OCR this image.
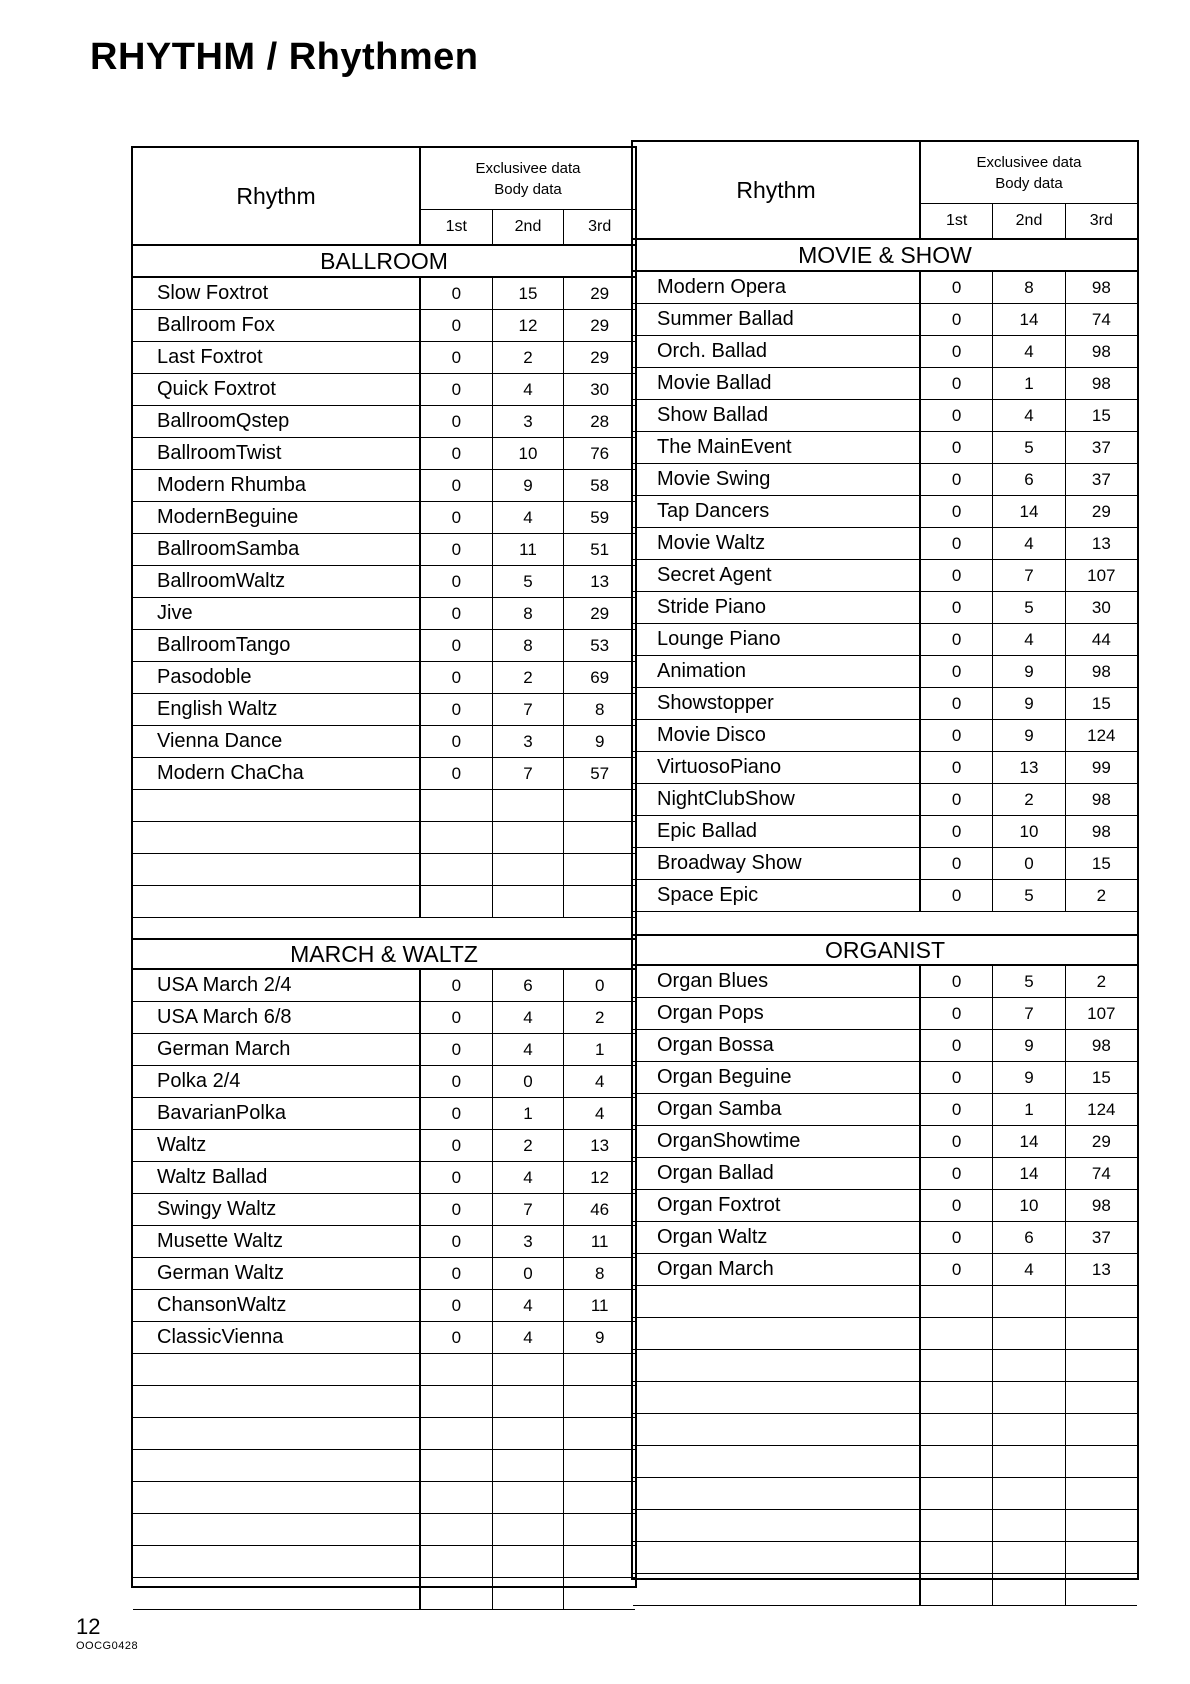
RHYTHM / Rhythmen
Rhythm
Exclusivee data
Body data
1st	2nd	3rd
BALLROOM
Slow Foxtrot	0	15	29
Ballroom Fox	0	12	29
Last Foxtrot	0	2	29
Quick Foxtrot	0	4	30
BallroomQstep	0	3	28
BallroomTwist	0	10	76
Modern Rhumba	0	9	58
ModernBeguine	0	4	59
BallroomSamba	0	11	51
BallroomWaltz	0	5	13
Jive	0	8	29
BallroomTango	0	8	53
Pasodoble	0	2	69
English Waltz	0	7	8
Vienna Dance	0	3	9
Modern ChaCha	0	7	57
MARCH & WALTZ
USA March 2/4	0	6	0
USA March 6/8	0	4	2
German March	0	4	1
Polka 2/4	0	0	4
BavarianPolka	0	1	4
Waltz	0	2	13
Waltz Ballad	0	4	12
Swingy Waltz	0	7	46
Musette Waltz	0	3	11
German Waltz	0	0	8
ChansonWaltz	0	4	11
ClassicVienna	0	4	9
Rhythm
Exclusivee data
Body data
1st	2nd	3rd
MOVIE & SHOW
Modern Opera	0	8	98
Summer Ballad	0	14	74
Orch. Ballad	0	4	98
Movie Ballad	0	1	98
Show Ballad	0	4	15
The MainEvent	0	5	37
Movie Swing	0	6	37
Tap Dancers	0	14	29
Movie Waltz	0	4	13
Secret Agent	0	7	107
Stride Piano	0	5	30
Lounge Piano	0	4	44
Animation	0	9	98
Showstopper	0	9	15
Movie Disco	0	9	124
VirtuosoPiano	0	13	99
NightClubShow	0	2	98
Epic Ballad	0	10	98
Broadway Show	0	0	15
Space Epic	0	5	2
ORGANIST
Organ Blues	0	5	2
Organ Pops	0	7	107
Organ Bossa	0	9	98
Organ Beguine	0	9	15
Organ Samba	0	1	124
OrganShowtime	0	14	29
Organ Ballad	0	14	74
Organ Foxtrot	0	10	98
Organ Waltz	0	6	37
Organ March	0	4	13

12

OOCG0428
